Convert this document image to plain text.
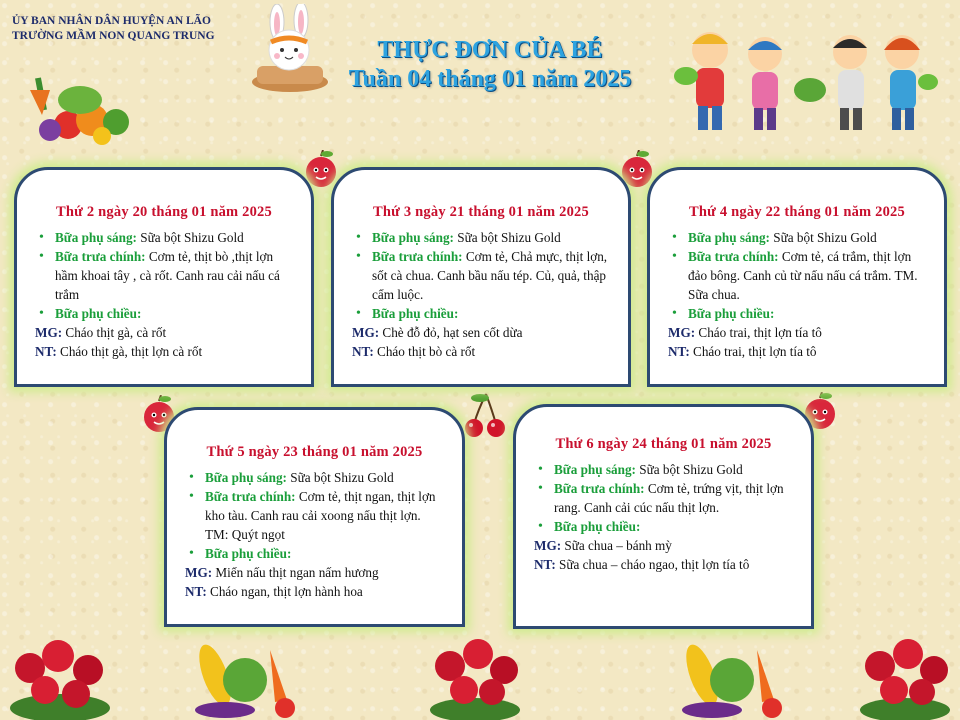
ỦY BAN NHÂN DÂN HUYỆN AN LÃO
TRƯỜNG MẦM NON QUANG TRUNG
THỰC ĐƠN CỦA BÉ
Tuần 04 tháng 01 năm 2025
Thứ 2 ngày 20 tháng 01 năm 2025
• Bữa phụ sáng: Sữa bột Shizu Gold
• Bữa trưa chính: Cơm tẻ, thịt bò ,thịt lợn hầm khoai tây , cà rốt. Canh rau cải nấu cá trắm
• Bữa phụ chiều:

MG: Cháo thịt gà, cà rốt

NT: Cháo thịt gà, thịt lợn cà rốt

Thứ 3 ngày 21 tháng 01 năm 2025
• Bữa phụ sáng: Sữa bột Shizu Gold
• Bữa trưa chính: Cơm tẻ, Chả mực, thịt lợn, sốt cà chua. Canh bầu nấu tép. Củ, quả, thập cẩm luộc.
• Bữa phụ chiều:

MG: Chè đỗ đỏ, hạt sen cốt dừa

NT: Cháo thịt bò cà rốt

Thứ 4 ngày 22 tháng 01 năm 2025
• Bữa phụ sáng: Sữa bột Shizu Gold
• Bữa trưa chính: Cơm tẻ, cá trắm, thịt lợn đảo bông. Canh củ từ nấu nấu cá trắm. TM. Sữa chua.
• Bữa phụ chiều:

MG: Cháo trai, thịt lợn tía tô

NT: Cháo trai, thịt lợn tía tô

Thứ 5 ngày 23 tháng 01 năm 2025
• Bữa phụ sáng: Sữa bột Shizu Gold
• Bữa trưa chính: Cơm tẻ, thịt ngan, thịt lợn kho tàu. Canh rau cải xoong nấu thịt lợn. TM: Quýt ngọt
• Bữa phụ chiều:

MG: Miến nấu thịt ngan nấm hương

NT: Cháo ngan, thịt lợn hành hoa

Thứ 6 ngày 24 tháng 01 năm 2025
• Bữa phụ sáng: Sữa bột Shizu Gold
• Bữa trưa chính: Cơm tẻ, trứng vịt, thịt lợn rang. Canh cải cúc nấu thịt lợn.
• Bữa phụ chiều:

MG: Sữa chua – bánh mỳ

NT: Sữa chua – cháo ngao, thịt lợn tía tô
